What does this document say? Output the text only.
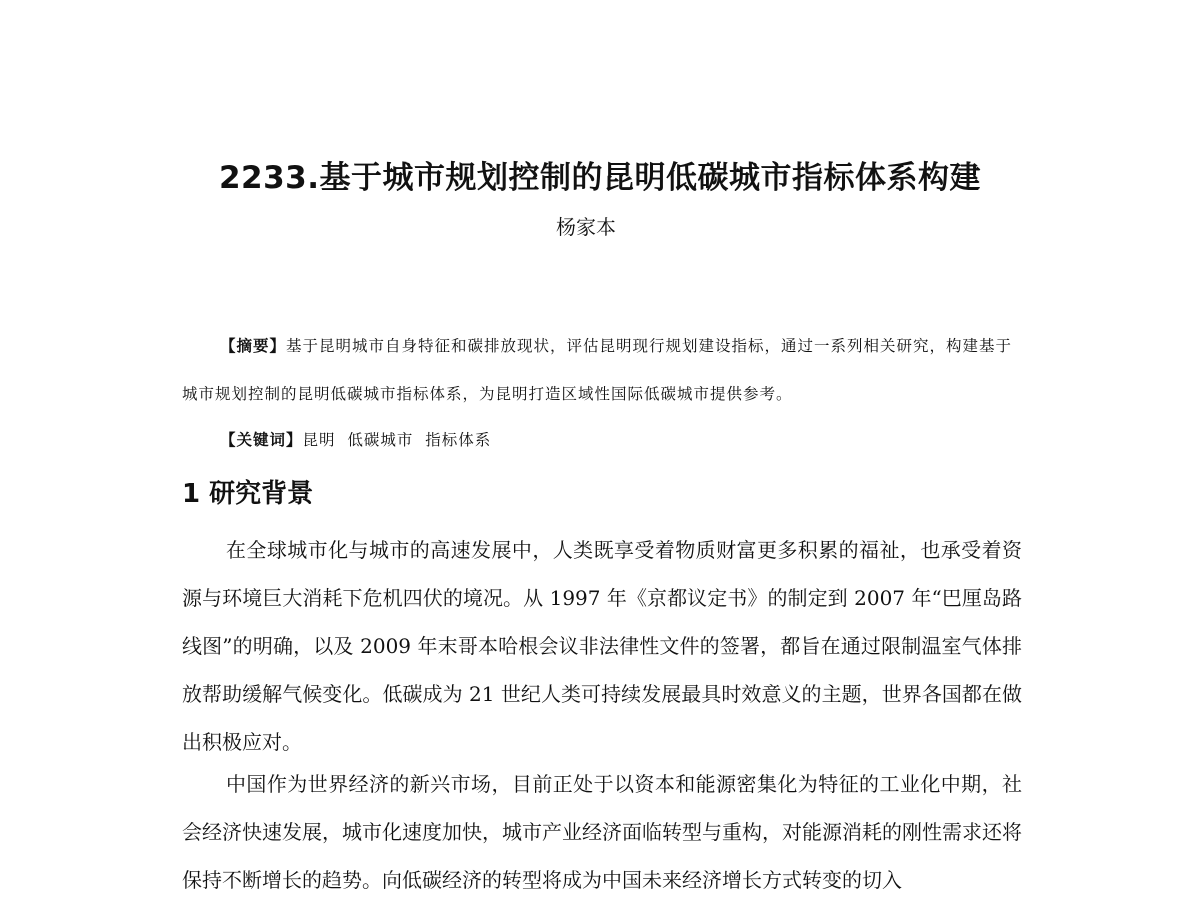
2233.基于城市规划控制的昆明低碳城市指标体系构建
杨家本

【摘要】基于昆明城市自身特征和碳排放现状，评估昆明现行规划建设指标，通过一系列相关研究，构建基于城市规划控制的昆明低碳城市指标体系，为昆明打造区域性国际低碳城市提供参考。

【关键词】昆明  低碳城市  指标体系
1 研究背景

在全球城市化与城市的高速发展中，人类既享受着物质财富更多积累的福祉，也承受着资源与环境巨大消耗下危机四伏的境况。从 1997 年《京都议定书》的制定到 2007 年“巴厘岛路线图”的明确，以及 2009 年末哥本哈根会议非法律性文件的签署，都旨在通过限制温室气体排放帮助缓解气候变化。低碳成为 21 世纪人类可持续发展最具时效意义的主题，世界各国都在做出积极应对。

中国作为世界经济的新兴市场，目前正处于以资本和能源密集化为特征的工业化中期，社会经济快速发展，城市化速度加快，城市产业经济面临转型与重构，对能源消耗的刚性需求还将保持不断增长的趋势。向低碳经济的转型将成为中国未来经济增长方式转变的切入
